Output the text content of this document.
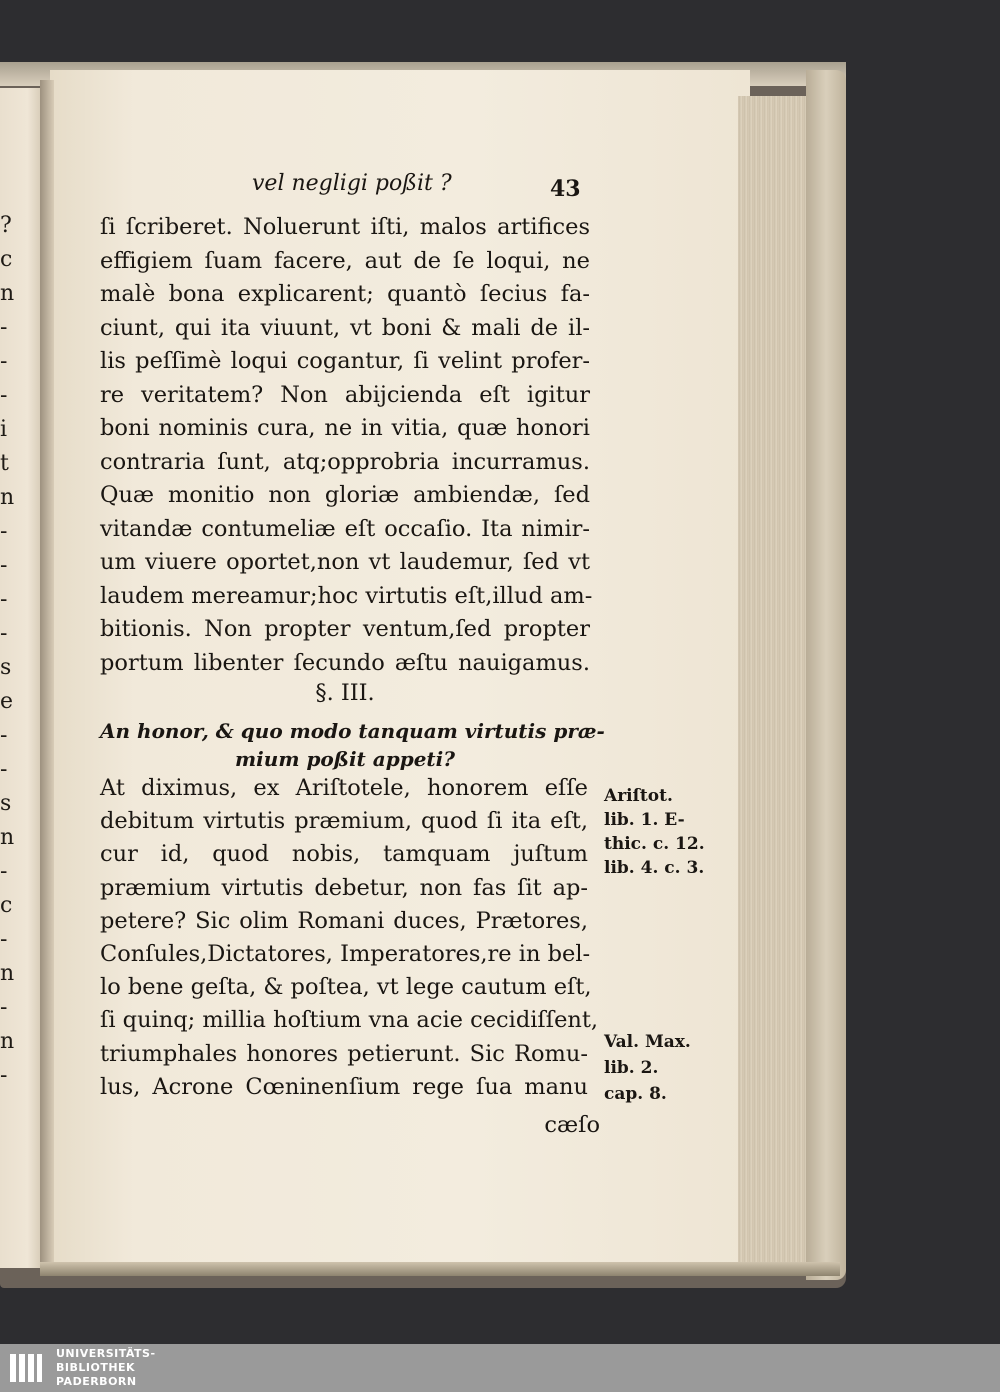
?
c
n
-
-
-
i
t
n
-
-
-
-
s
e
-
-
s
n
-
c
-
n
-
n
-
vel negligi poßit ?	43
ſi ſcriberet. Noluerunt iſti, malos artifices
effigiem ſuam facere, aut de ſe loqui, ne
malè bona explicarent; quantò ſecius fa-
ciunt, qui ita viuunt, vt boni & mali de il-
lis peſſimè loqui cogantur, ſi velint profer-
re veritatem? Non abijcienda eſt igitur
boni nominis cura, ne in vitia, quæ honori
contraria ſunt, atq;opprobria incurramus.
Quæ monitio non gloriæ ambiendæ, ſed
vitandæ contumeliæ eſt occaſio. Ita nimir-
um viuere oportet,non vt laudemur, ſed vt
laudem mereamur;hoc virtutis eſt,illud am-
bitionis. Non propter ventum,ſed propter
portum libenter ſecundo æſtu nauigamus.
§. III.
An honor, & quo modo tanquam virtutis præ-
mium poßit appeti?
At diximus, ex Ariſtotele, honorem eſſe
debitum virtutis præmium, quod ſi ita eſt,
cur id, quod nobis, tamquam juſtum
præmium virtutis debetur, non fas ſit ap-
petere? Sic olim Romani duces, Prætores,
Conſules,Dictatores, Imperatores,re in bel-
lo bene geſta, & poſtea, vt lege cautum eſt,
ſi quinq; millia hoſtium vna acie cecidiſſent,
triumphales honores petierunt. Sic Romu-
lus, Acrone Cœninenſium rege ſua manu
cæſo
Ariſtot.
lib. 1. E-
thic. c. 12.
lib. 4. c. 3.
Val. Max.
lib. 2.
cap. 8.
UNIVERSITÄTS-
BIBLIOTHEK
PADERBORN
